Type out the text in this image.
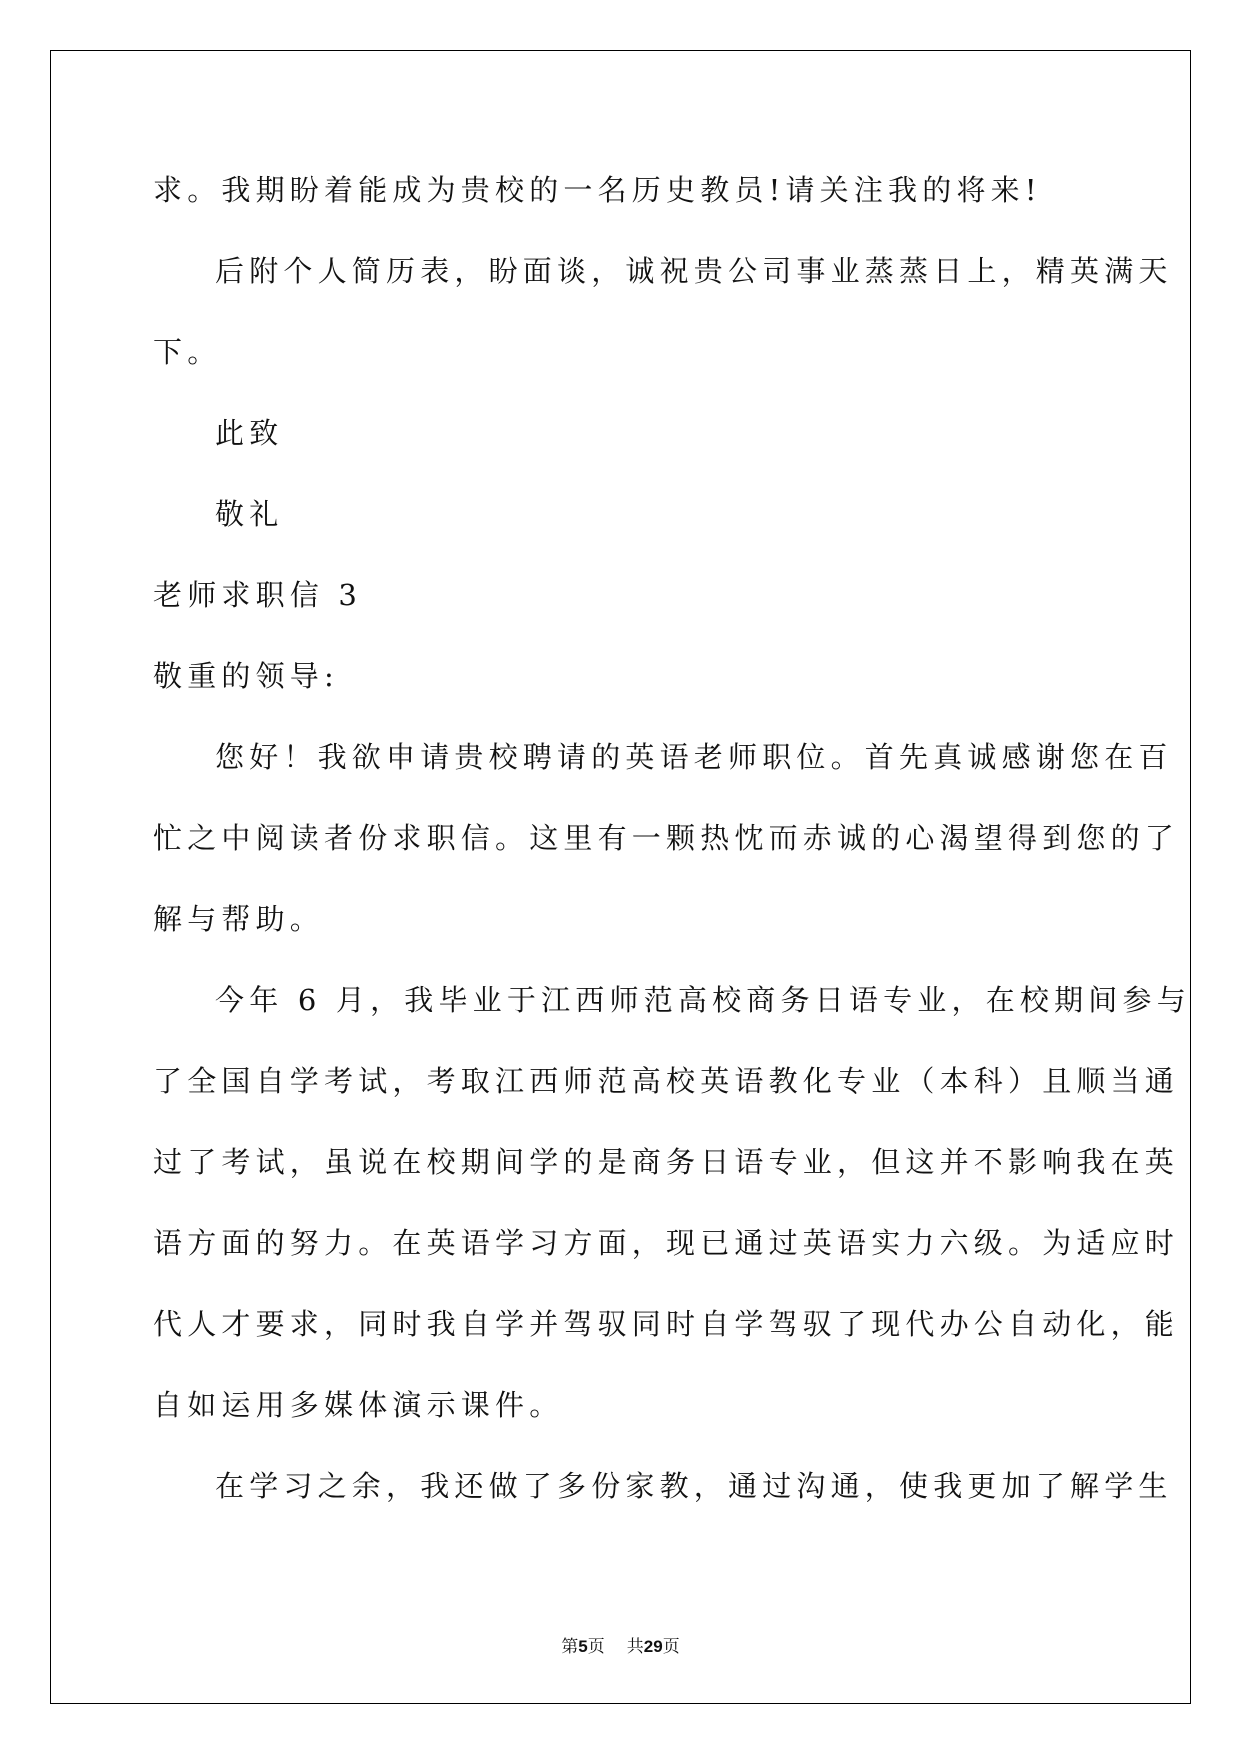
求。我期盼着能成为贵校的一名历史教员!请关注我的将来!
后附个人简历表，盼面谈，诚祝贵公司事业蒸蒸日上，精英满天
下。
此致
敬礼
老师求职信 3
敬重的领导:
您好！我欲申请贵校聘请的英语老师职位。首先真诚感谢您在百
忙之中阅读者份求职信。这里有一颗热忱而赤诚的心渴望得到您的了
解与帮助。
今年 6 月，我毕业于江西师范高校商务日语专业，在校期间参与
了全国自学考试，考取江西师范高校英语教化专业（本科）且顺当通
过了考试，虽说在校期间学的是商务日语专业，但这并不影响我在英
语方面的努力。在英语学习方面，现已通过英语实力六级。为适应时
代人才要求，同时我自学并驾驭同时自学驾驭了现代办公自动化，能
自如运用多媒体演示课件。
在学习之余，我还做了多份家教，通过沟通，使我更加了解学生
第5页 共29页
